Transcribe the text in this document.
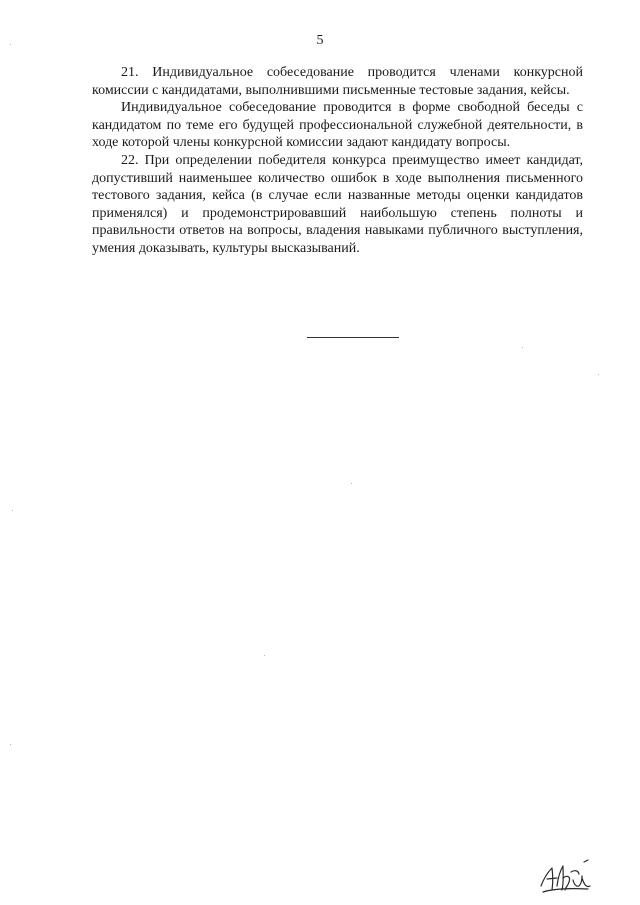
5

21. Индивидуальное собеседование проводится членами конкурсной комиссии с кандидатами, выполнившими письменные тестовые задания, кейсы.

Индивидуальное собеседование проводится в форме свободной беседы с кандидатом по теме его будущей профессиональной служебной деятельности, в ходе которой члены конкурсной комиссии задают кандидату вопросы.

22. При определении победителя конкурса преимущество имеет кандидат, допустивший наименьшее количество ошибок в ходе выполнения письменного тестового задания, кейса (в случае если названные методы оценки кандидатов применялся) и продемонстрировавший наибольшую степень полноты и правильности ответов на вопросы, владения навыками публичного выступления, умения доказывать, культуры высказываний.
